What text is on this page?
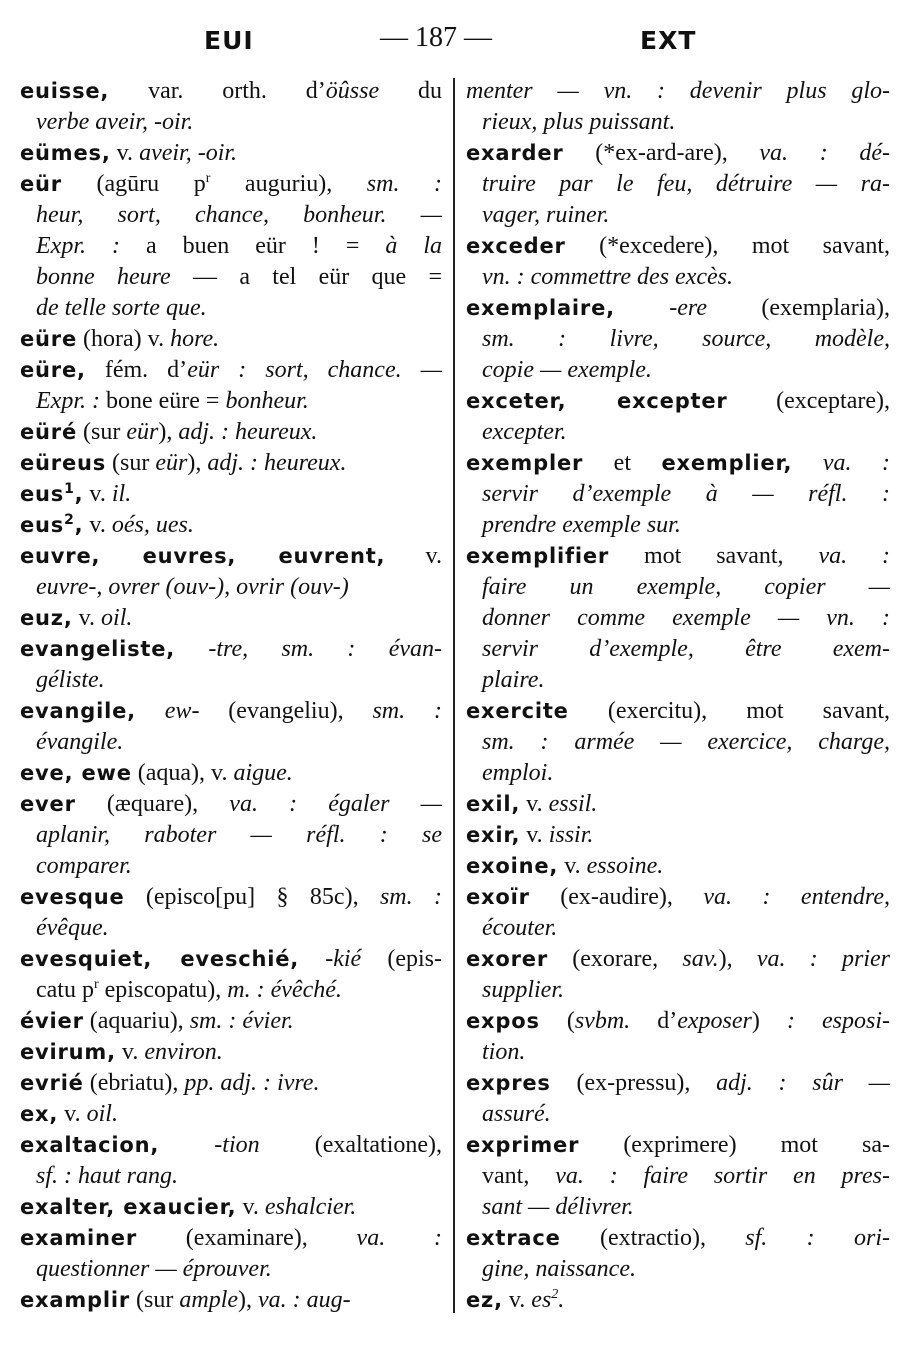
EUI	— 187 —	EXT

euisse, var. orth. d’öûsse du
verbe aveir, -oir.

eümes, v. aveir, -oir.

eür (agūru $p^r$ auguriu), sm. :
heur, sort, chance, bonheur. —
Expr. : a buen eür ! = à la
bonne heure — a tel eür que =
de telle sorte que.

eüre (hora) v. hore.

eüre, fém. d’eür : sort, chance. —
Expr. : bone eüre = bonheur.

eüré (sur eür), adj. : heureux.

eüreus (sur eür), adj. : heureux.

eus$^1$, v. il.

eus$^2$, v. oés, ues.

euvre, euvres, euvrent, v.
euvre-, ovrer (ouv-), ovrir (ouv-)

euz, v. oil.

evangeliste, -tre, sm. : évan-
géliste.

evangile, ew- (evangeliu), sm. :
évangile.

eve, ewe (aqua), v. aigue.

ever (æquare), va. : égaler —
aplanir, raboter — réfl. : se
comparer.

evesque (episco[pu] § 85c), sm. :
évêque.

evesquiet, eveschié, -kié (epis-
catu $p^r$ episcopatu), m. : évêché.

évier (aquariu), sm. : évier.

evirum, v. environ.

evrié (ebriatu), pp. adj. : ivre.

ex, v. oil.

exaltacion, -tion (exaltatione),
sf. : haut rang.

exalter, exaucier, v. eshalcier.

examiner (examinare), va. :
questionner — éprouver.

examplir (sur ample), va. : aug-

menter — vn. : devenir plus glo-
rieux, plus puissant.

exarder (*ex-ard-are), va. : dé-
truire par le feu, détruire — ra-
vager, ruiner.

exceder (*excedere), mot savant,
vn. : commettre des excès.

exemplaire, -ere (exemplaria),
sm. : livre, source, modèle,
copie — exemple.

exceter, excepter (exceptare),
excepter.

exempler et exemplier, va. :
servir d’exemple à — réfl. :
prendre exemple sur.

exemplifier mot savant, va. :
faire un exemple, copier —
donner comme exemple — vn. :
servir d’exemple, être exem-
plaire.

exercite (exercitu), mot savant,
sm. : armée — exercice, charge,
emploi.

exil, v. essil.

exir, v. issir.

exoine, v. essoine.

exoïr (ex-audire), va. : entendre,
écouter.

exorer (exorare, sav.), va. : prier
supplier.

expos (svbm. d’exposer) : esposi-
tion.

expres (ex-pressu), adj. : sûr —
assuré.

exprimer (exprimere) mot sa-
vant, va. : faire sortir en pres-
sant — délivrer.

extrace (extractio), sf. : ori-
gine, naissance.

ez, v. $es^2$.
